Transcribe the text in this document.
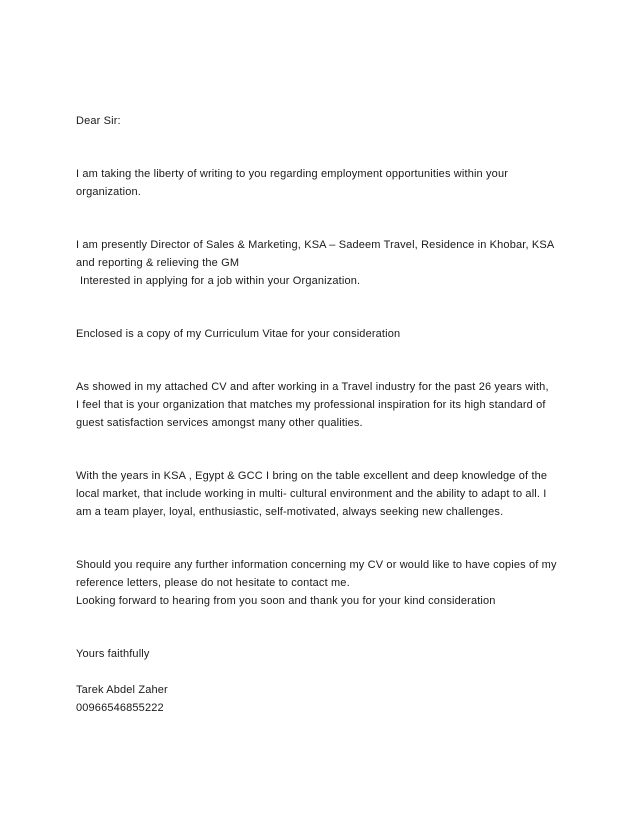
Dear Sir:

I am taking the liberty of writing to you regarding employment opportunities within your
organization.

I am presently Director of Sales & Marketing, KSA – Sadeem Travel, Residence in Khobar, KSA
and reporting & relieving the GM
Interested in applying for a job within your Organization.

Enclosed is a copy of my Curriculum Vitae for your consideration

As showed in my attached CV and after working in a Travel industry for the past 26 years with,
I feel that is your organization that matches my professional inspiration for its high standard of
guest satisfaction services amongst many other qualities.

With the years in KSA , Egypt & GCC I bring on the table excellent and deep knowledge of the
local market, that include working in multi- cultural environment and the ability to adapt to all. I
am a team player, loyal, enthusiastic, self-motivated, always seeking new challenges.

Should you require any further information concerning my CV or would like to have copies of my
reference letters, please do not hesitate to contact me.

Looking forward to hearing from you soon and thank you for your kind consideration

Yours faithfully

Tarek Abdel Zaher
00966546855222
